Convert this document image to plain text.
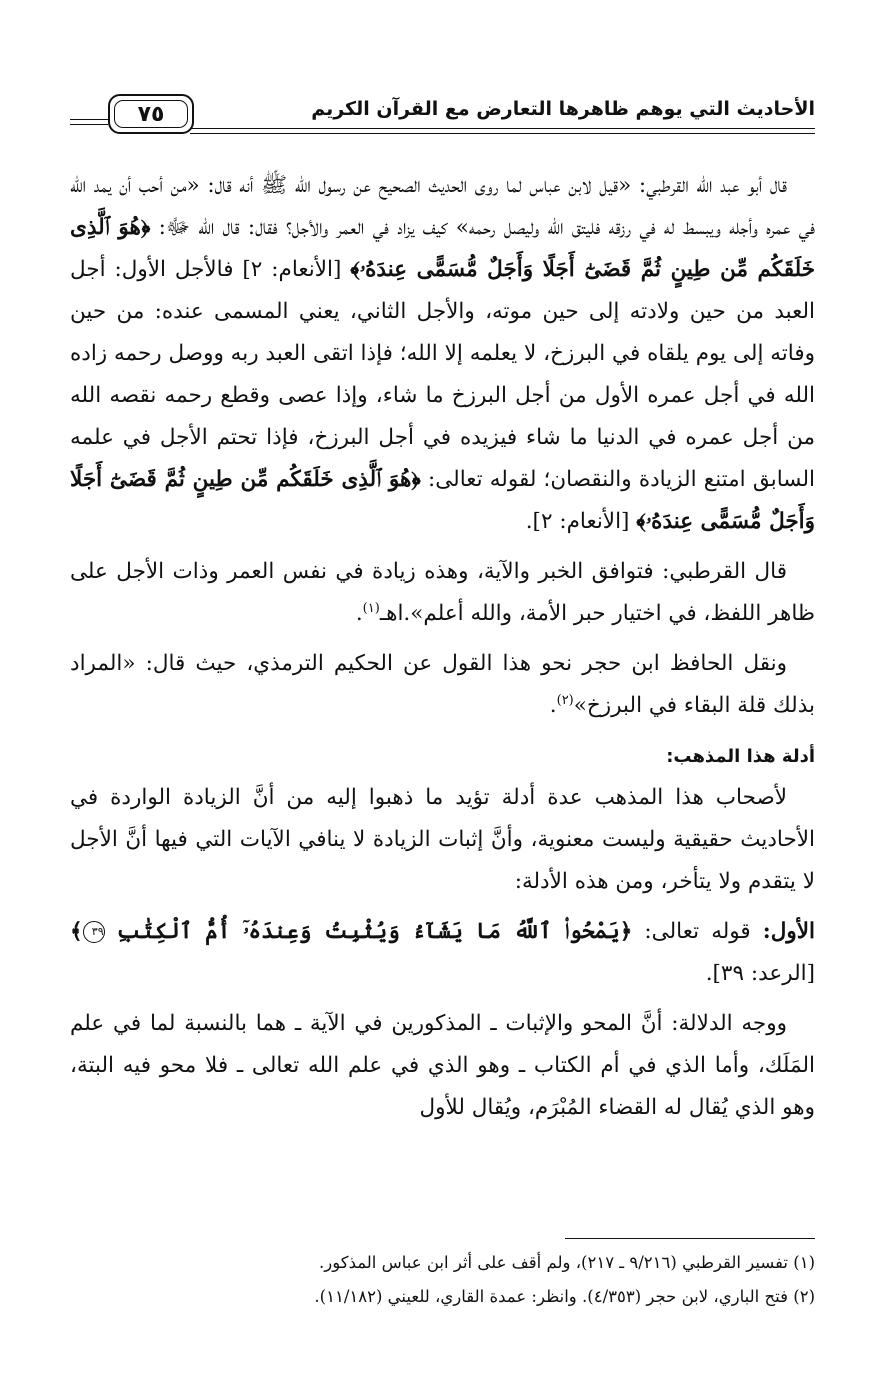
الأحاديث التي يوهم ظاهرها التعارض مع القرآن الكريم
٧٥

قال أبو عبد الله القرطبي: «قيل لابن عباس لما روى الحديث الصحيح عن رسول الله ﷺ أنه قال: «من أحب أن يمد الله في عمره وأجله ويبسط له في رزقه فليتق الله وليصل رحمه» كيف يزاد في العمر والأجل؟ فقال: قال الله ﷻ: ﴿هُوَ ٱلَّذِى خَلَقَكُم مِّن طِينٍ ثُمَّ قَضَىٰٓ أَجَلًا وَأَجَلٌ مُّسَمًّى عِندَهُۥ﴾ [الأنعام: ٢] فالأجل الأول: أجل العبد من حين ولادته إلى حين موته، والأجل الثاني، يعني المسمى عنده: من حين وفاته إلى يوم يلقاه في البرزخ، لا يعلمه إلا الله؛ فإذا اتقى العبد ربه ووصل رحمه زاده الله في أجل عمره الأول من أجل البرزخ ما شاء، وإذا عصى وقطع رحمه نقصه الله من أجل عمره في الدنيا ما شاء فيزيده في أجل البرزخ، فإذا تحتم الأجل في علمه السابق امتنع الزيادة والنقصان؛ لقوله تعالى: ﴿هُوَ ٱلَّذِى خَلَقَكُم مِّن طِينٍ ثُمَّ قَضَىٰٓ أَجَلًا وَأَجَلٌ مُّسَمًّى عِندَهُۥ﴾ [الأنعام: ٢].

قال القرطبي: فتوافق الخبر والآية، وهذه زيادة في نفس العمر وذات الأجل على ظاهر اللفظ، في اختيار حبر الأمة، والله أعلم».اهـ$^{(١)}$.

ونقل الحافظ ابن حجر نحو هذا القول عن الحكيم الترمذي، حيث قال: «المراد بذلك قلة البقاء في البرزخ»$^{(٢)}$.

أدلة هذا المذهب:

لأصحاب هذا المذهب عدة أدلة تؤيد ما ذهبوا إليه من أنَّ الزيادة الواردة في الأحاديث حقيقية وليست معنوية، وأنَّ إثبات الزيادة لا ينافي الآيات التي فيها أنَّ الأجل لا يتقدم ولا يتأخر، ومن هذه الأدلة:

الأول: قوله تعالى: ﴿يَمْحُوا۟ ٱللَّهُ مَا يَشَآءُ وَيُثْبِتُ وَعِندَهُۥٓ أُمُّ ٱلْكِتَٰبِ ٣٩﴾ [الرعد: ٣٩].

ووجه الدلالة: أنَّ المحو والإثبات ـ المذكورين في الآية ـ هما بالنسبة لما في علم المَلَك، وأما الذي في أم الكتاب ـ وهو الذي في علم الله تعالى ـ فلا محو فيه البتة، وهو الذي يُقال له القضاء المُبْرَم، ويُقال للأول

(١) تفسير القرطبي (٩/٢١٦ ـ ٢١٧)، ولم أقف على أثر ابن عباس المذكور.

(٢) فتح الباري، لابن حجر (٤/٣٥٣). وانظر: عمدة القاري، للعيني (١١/١٨٢).
